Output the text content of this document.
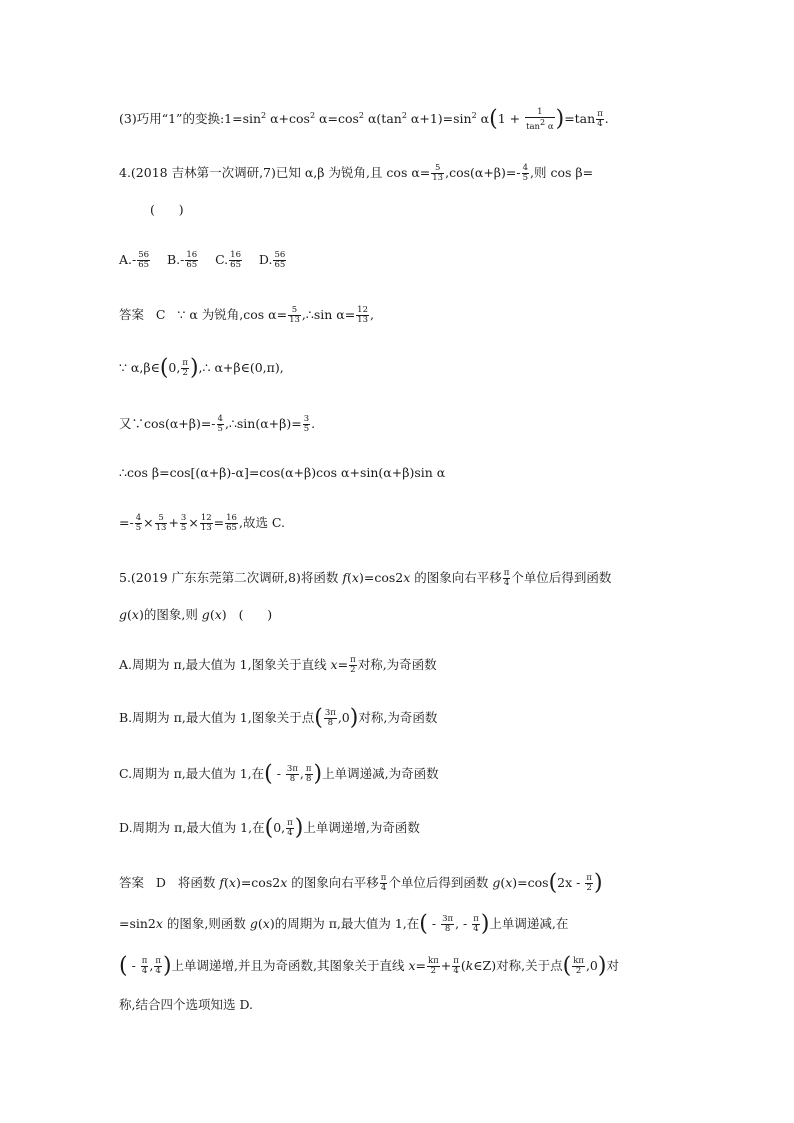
(3)巧用“1”的变换$:1=\sin^2$ $\alpha+\cos^2$ $\alpha=\cos^2$ $\alpha(\tan^2$ $\alpha+1)=\sin^2$ $\alpha(1 + \frac{1}{\tan^2 \alpha} )=\tan \frac{\pi}{4}$ .
4.(2018 吉林第一次调研,7)已知 α,β 为锐角,且 $\cos \alpha= \frac{5}{13} ,\cos(\alpha+\beta)=- \frac{4}{5}$ ,则 cos β=
(      )
$A.- \frac{56}{65} B.- \frac{16}{65} C$. $\frac{16}{65} D$. $\frac{56}{65}$
答案   C   ∵ α 为锐角,cos $\alpha= \frac{5}{13}$ ,∴sin $\alpha= \frac{12}{13}$ ,
∵ α,β∈(0, $\frac{\pi}{2}$ ),∴ α+β∈(0,π),
又∵cos(α+β)=- $\frac{4}{5}$ ,∴sin(α+β)= $\frac{3}{5}$ .
∴cos β=cos[(α+β)-α]=cos(α+β)cos α+sin(α+β)sin α
=- $\frac{4}{5} \times \frac{5}{13} + \frac{3}{5} \times \frac{12}{13} = \frac{16}{65}$ ,故选 C.
5.(2019 广东东莞第二次调研,8)将函数 f(x)=cos2x 的图象向右平移 $\frac{\pi}{4}$ 个单位后得到函数
g(x)的图象,则 g(x)   (      )
A.周期为 π,最大值为 1,图象关于直线 $x= \frac{\pi}{2}$ 对称,为奇函数
B.周期为 π,最大值为 1,图象关于点( $\frac{3\pi}{8} ,0$)对称,为奇函数
C.周期为 π,最大值为 1,在( - $\frac{3\pi}{8}$ , $\frac{\pi}{8}$ )上单调递减,为奇函数
D.周期为 π,最大值为 1,在(0, $\frac{\pi}{4}$ )上单调递增,为奇函数
答案   D   将函数 f(x)=cos2x 的图象向右平移 $\frac{\pi}{4}$ 个单位后得到函数 $g(x)=\cos(2x - \frac{\pi}{2}$ )
=sin2x 的图象,则函数 g(x)的周期为 π,最大值为 1,在( - $\frac{3\pi}{8}$ , - $\frac{\pi}{4}$ )上单调递减,在
( - $\frac{\pi}{4}$ , $\frac{\pi}{4}$ )上单调递增,并且为奇函数,其图象关于直线 $x= \frac{k\pi}{2} + \frac{\pi}{4}$ (k∈Z)对称,关于点( $\frac{k\pi}{2} ,0$)对
称,结合四个选项知选 D.
